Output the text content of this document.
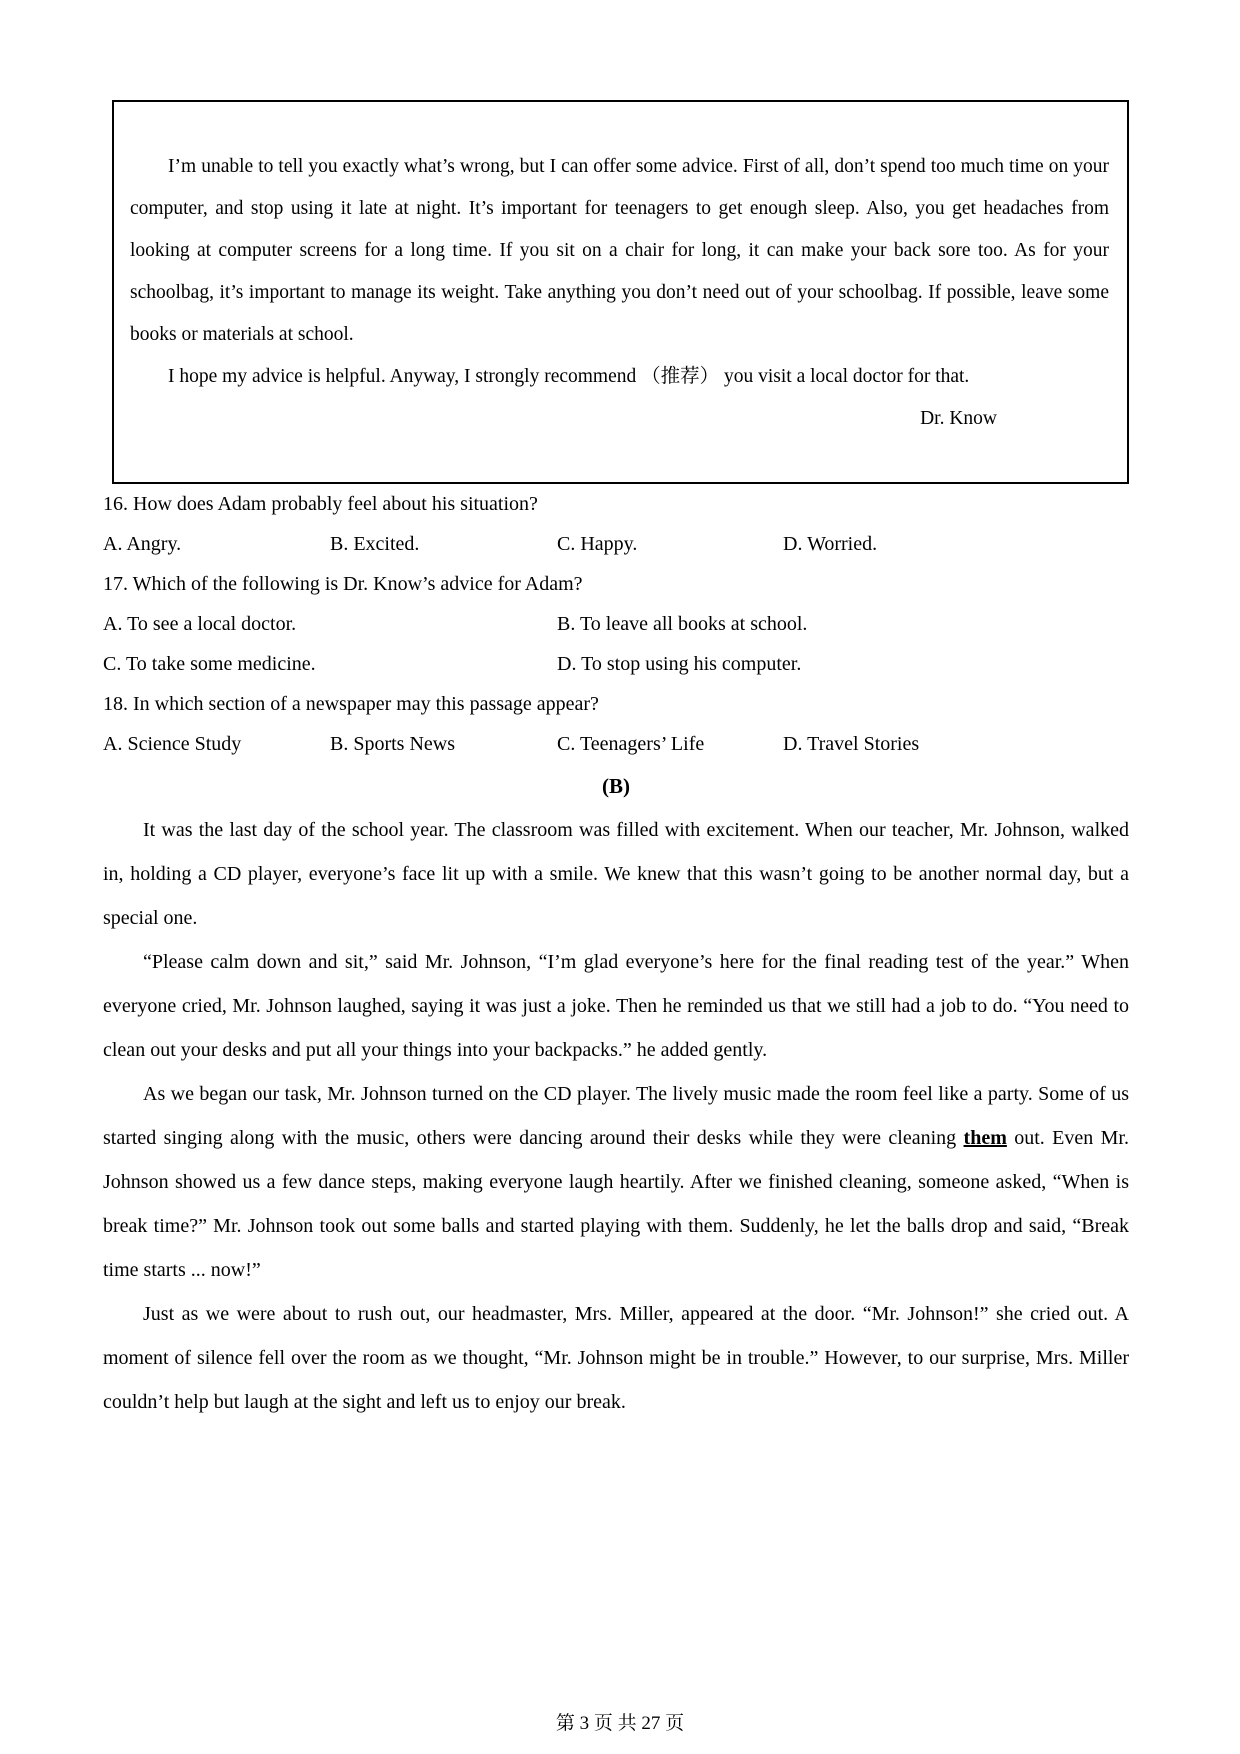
I’m unable to tell you exactly what’s wrong, but I can offer some advice. First of all, don’t spend too much time on your computer, and stop using it late at night. It’s important for teenagers to get enough sleep. Also, you get headaches from looking at computer screens for a long time. If you sit on a chair for long, it can make your back sore too. As for your schoolbag, it’s important to manage its weight. Take anything you don’t need out of your schoolbag. If possible, leave some books or materials at school.

I hope my advice is helpful. Anyway, I strongly recommend （推荐） you visit a local doctor for that.

Dr. Know

16. How does Adam probably feel about his situation?
A. Angry.	B. Excited.	C. Happy.	D. Worried.
17. Which of the following is Dr. Know’s advice for Adam?
A. To see a local doctor.	B. To leave all books at school.
C. To take some medicine.	D. To stop using his computer.
18. In which section of a newspaper may this passage appear?
A. Science Study	B. Sports News	C. Teenagers’ Life	D. Travel Stories

(B)

It was the last day of the school year. The classroom was filled with excitement. When our teacher, Mr. Johnson, walked in, holding a CD player, everyone’s face lit up with a smile. We knew that this wasn’t going to be another normal day, but a special one.

“Please calm down and sit,” said Mr. Johnson, “I’m glad everyone’s here for the final reading test of the year.” When everyone cried, Mr. Johnson laughed, saying it was just a joke. Then he reminded us that we still had a job to do. “You need to clean out your desks and put all your things into your backpacks.” he added gently.

As we began our task, Mr. Johnson turned on the CD player. The lively music made the room feel like a party. Some of us started singing along with the music, others were dancing around their desks while they were cleaning them out. Even Mr. Johnson showed us a few dance steps, making everyone laugh heartily. After we finished cleaning, someone asked, “When is break time?” Mr. Johnson took out some balls and started playing with them. Suddenly, he let the balls drop and said, “Break time starts ... now!”

Just as we were about to rush out, our headmaster, Mrs. Miller, appeared at the door. “Mr. Johnson!” she cried out. A moment of silence fell over the room as we thought, “Mr. Johnson might be in trouble.” However, to our surprise, Mrs. Miller couldn’t help but laugh at the sight and left us to enjoy our break.

第 3 页 共 27 页
